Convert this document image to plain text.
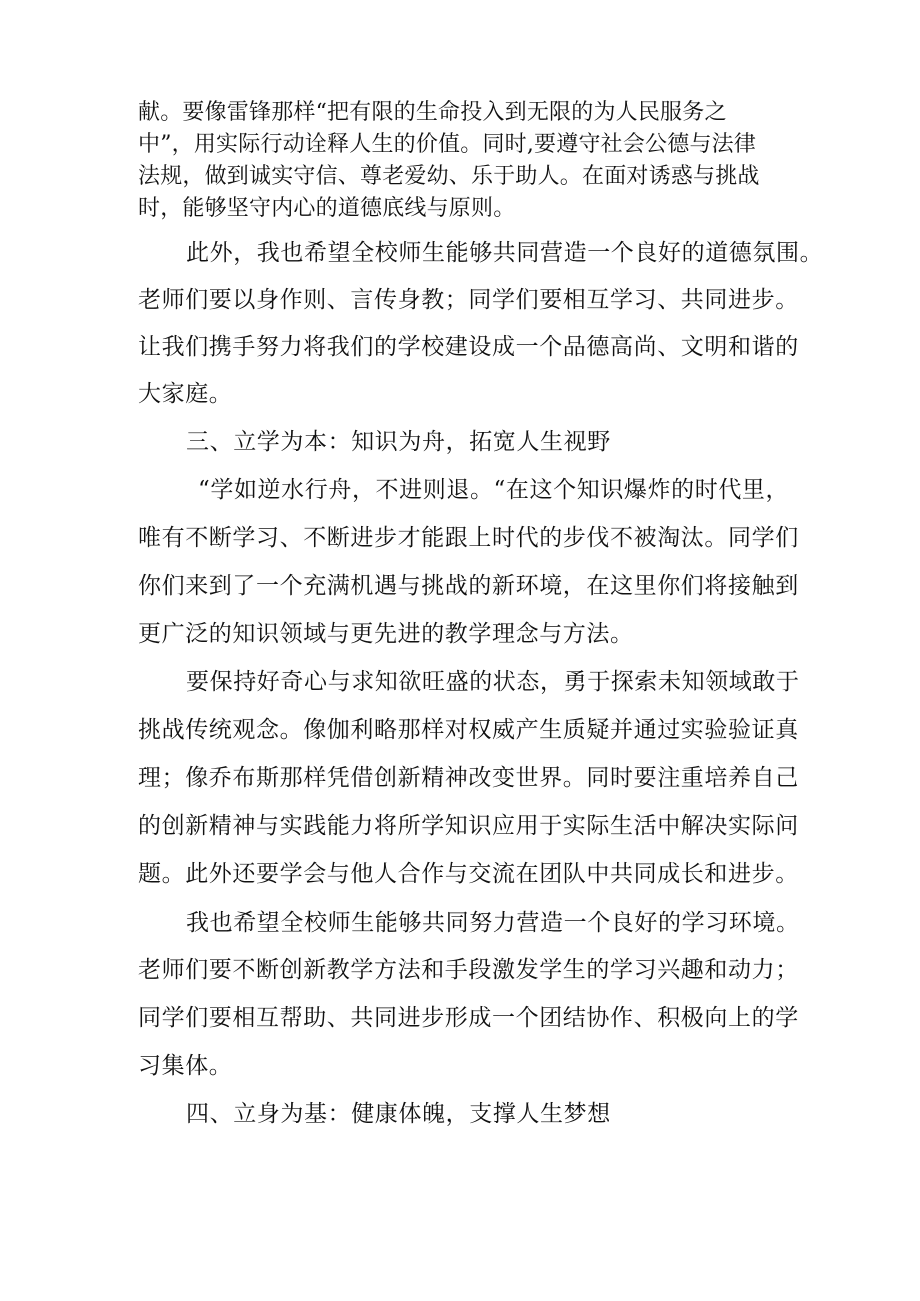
献。要像雷锋那样“把有限的生命投入到无限的为人民服务之
中”，用实际行动诠释人生的价值。同时,要遵守社会公德与法律
法规，做到诚实守信、尊老爱幼、乐于助人。在面对诱惑与挑战
时，能够坚守内心的道德底线与原则。
此外，我也希望全校师生能够共同营造一个良好的道德氛围。
老师们要以身作则、言传身教；同学们要相互学习、共同进步。
让我们携手努力将我们的学校建设成一个品德高尚、文明和谐的
大家庭。
三、立学为本：知识为舟，拓宽人生视野
“学如逆水行舟，不进则退。“在这个知识爆炸的时代里，
唯有不断学习、不断进步才能跟上时代的步伐不被淘汰。同学们
你们来到了一个充满机遇与挑战的新环境，在这里你们将接触到
更广泛的知识领域与更先进的教学理念与方法。
要保持好奇心与求知欲旺盛的状态，勇于探索未知领域敢于
挑战传统观念。像伽利略那样对权威产生质疑并通过实验验证真
理；像乔布斯那样凭借创新精神改变世界。同时要注重培养自己
的创新精神与实践能力将所学知识应用于实际生活中解决实际问
题。此外还要学会与他人合作与交流在团队中共同成长和进步。
我也希望全校师生能够共同努力营造一个良好的学习环境。
老师们要不断创新教学方法和手段激发学生的学习兴趣和动力；
同学们要相互帮助、共同进步形成一个团结协作、积极向上的学
习集体。
四、立身为基：健康体魄，支撑人生梦想
